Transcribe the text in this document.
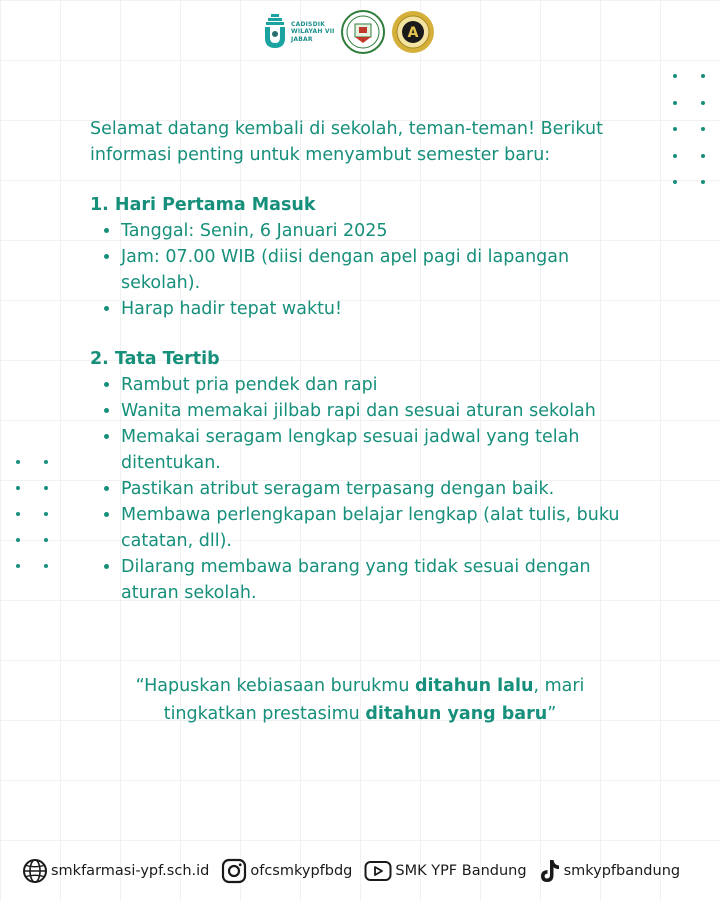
CADISDIK
WILAYAH VII
JABAR	A

Selamat datang kembali di sekolah, teman-teman! Berikut
informasi penting untuk menyambut semester baru:

1. Hari Pertama Masuk
• Tanggal: Senin, 6 Januari 2025
• Jam: 07.00 WIB (diisi dengan apel pagi di lapangan sekolah).
• Harap hadir tepat waktu!
2. Tata Tertib
• Rambut pria pendek dan rapi
• Wanita memakai jilbab rapi dan sesuai aturan sekolah
• Memakai seragam lengkap sesuai jadwal yang telah ditentukan.
• Pastikan atribut seragam terpasang dengan baik.
• Membawa perlengkapan belajar lengkap (alat tulis, buku catatan, dll).
• Dilarang membawa barang yang tidak sesuai dengan aturan sekolah.
“Hapuskan kebiasaan burukmu ditahun lalu, mari
tingkatkan prestasimu ditahun yang baru”
smkfarmasi-ypf.sch.id	ofcsmkypfbdg	SMK YPF Bandung	smkypfbandung
